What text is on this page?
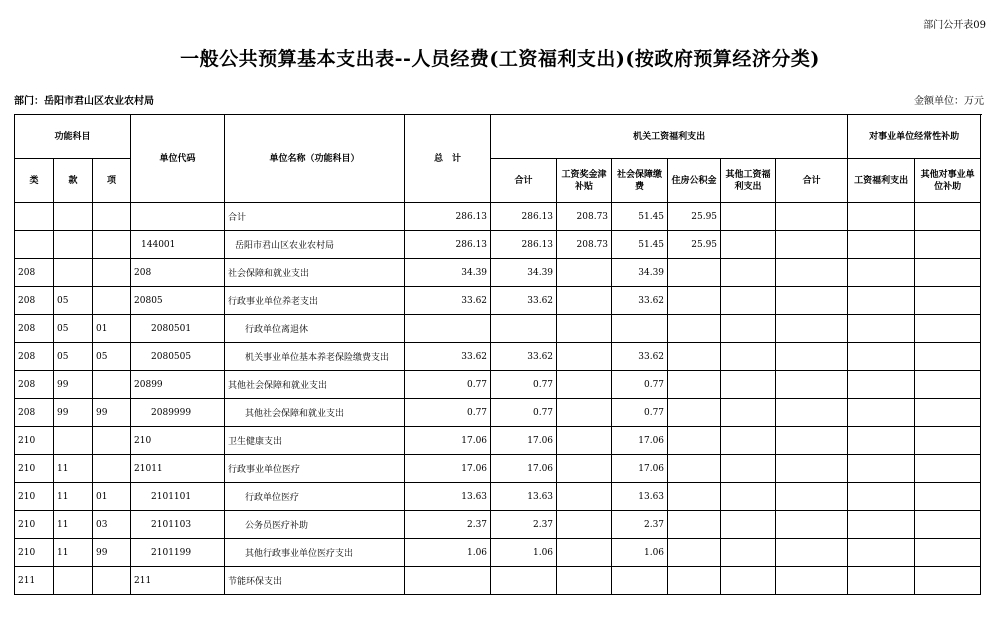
部门公开表09
一般公共预算基本支出表--人员经费(工资福利支出)(按政府预算经济分类)
部门：岳阳市君山区农业农村局	金额单位：万元
功能科目			单位代码	单位名称（功能科目）	总　计	机关工资福利支出						对事业单位经常性补助	
类	款	项				合计	工资奖金津补贴	社会保障缴费	住房公积金	其他工资福利支出	合计	工资福利支出	其他对事业单位补助
				合计	286.13	286.13	208.73	51.45	25.95				
			144001	岳阳市君山区农业农村局	286.13	286.13	208.73	51.45	25.95				
208			208	社会保障和就业支出	34.39	34.39		34.39					
208	05		20805	行政事业单位养老支出	33.62	33.62		33.62					
208	05	01	2080501	行政单位离退休									
208	05	05	2080505	机关事业单位基本养老保险缴费支出	33.62	33.62		33.62					
208	99		20899	其他社会保障和就业支出	0.77	0.77		0.77					
208	99	99	2089999	其他社会保障和就业支出	0.77	0.77		0.77					
210			210	卫生健康支出	17.06	17.06		17.06					
210	11		21011	行政事业单位医疗	17.06	17.06		17.06					
210	11	01	2101101	行政单位医疗	13.63	13.63		13.63					
210	11	03	2101103	公务员医疗补助	2.37	2.37		2.37					
210	11	99	2101199	其他行政事业单位医疗支出	1.06	1.06		1.06					
211			211	节能环保支出									
